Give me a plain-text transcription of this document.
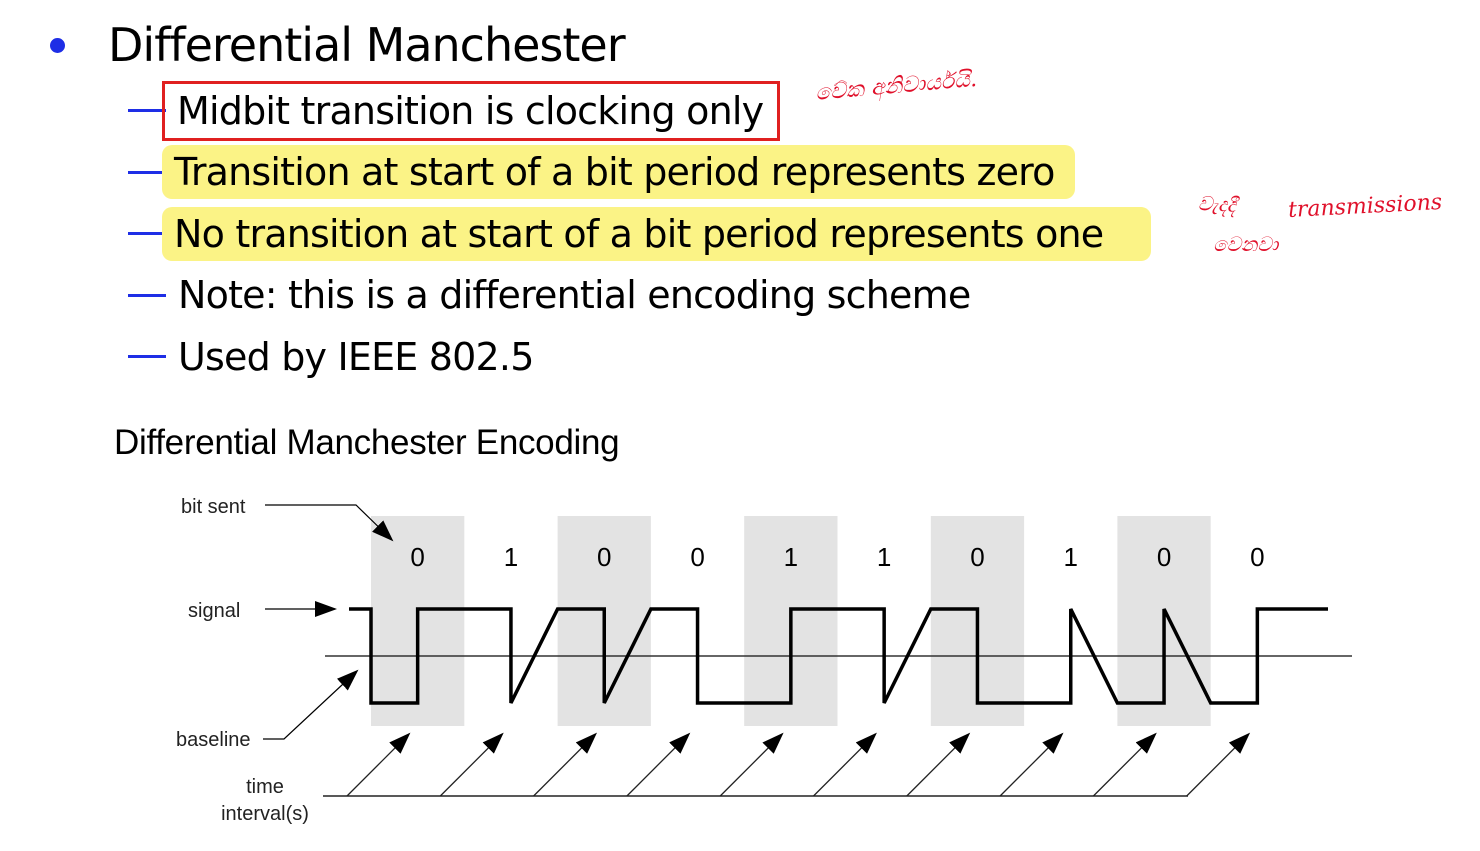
Differential Manchester
Midbit transition is clocking only
Transition at start of a bit period represents zero
No transition at start of a bit period represents one
Note: this is a differential encoding scheme
Used by IEEE 802.5
වේක අනිවාර්යයි.
වැදදී transmissions
වෙනවා
Differential Manchester Encoding
0	1	0	0	1	1	0	1	0	0
bit sent
signal
baseline
time
interval(s)
